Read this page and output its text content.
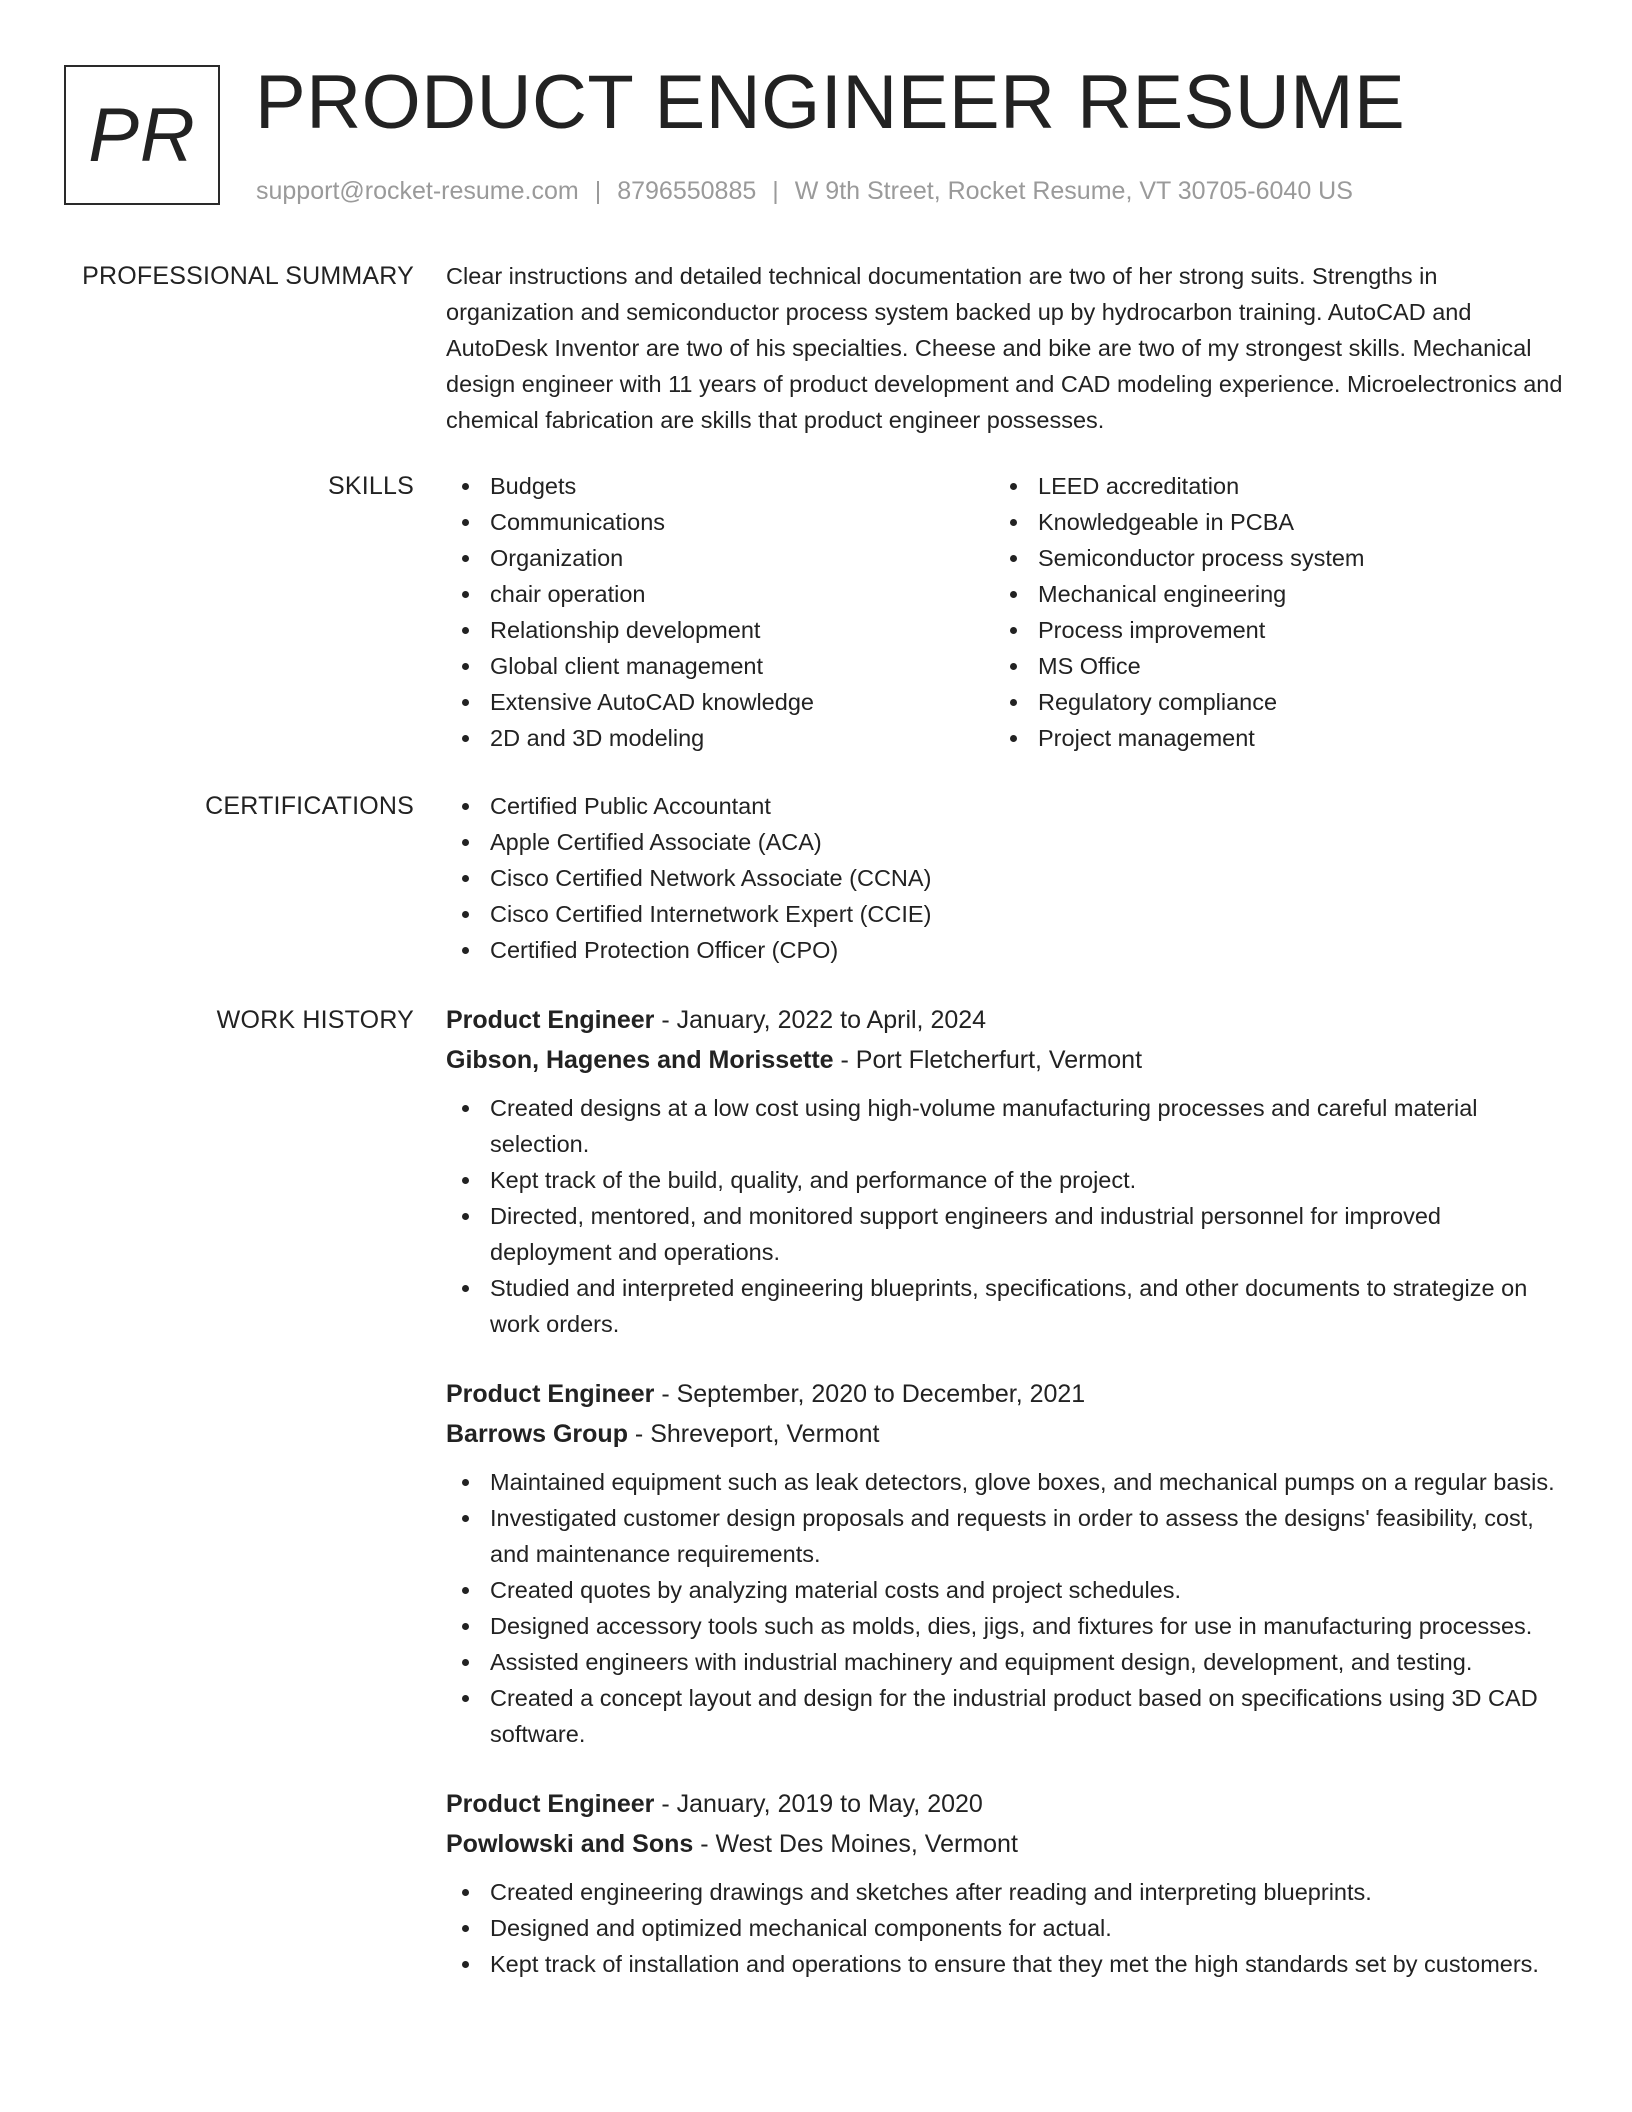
PR PRODUCT ENGINEER RESUME
support@rocket-resume.com | 8796550885 | W 9th Street, Rocket Resume, VT 30705-6040 US
PROFESSIONAL SUMMARY Clear instructions and detailed technical documentation are two of her strong suits. Strengths in organization and semiconductor process system backed up by hydrocarbon training. AutoCAD and AutoDesk Inventor are two of his specialties. Cheese and bike are two of my strongest skills. Mechanical design engineer with 11 years of product development and CAD modeling experience. Microelectronics and chemical fabrication are skills that product engineer possesses.

SKILLS	Budgets
Communications
Organization
chair operation
Relationship development
Global client management
Extensive AutoCAD knowledge
2D and 3D modeling
LEED accreditation
Knowledgeable in PCBA
Semiconductor process system
Mechanical engineering
Process improvement
MS Office
Regulatory compliance
Project management
CERTIFICATIONS	Certified Public Accountant
Apple Certified Associate (ACA)
Cisco Certified Network Associate (CCNA)
Cisco Certified Internetwork Expert (CCIE)
Certified Protection Officer (CPO)
WORK HISTORY Product Engineer - January, 2022 to April, 2024
Gibson, Hagenes and Morissette - Port Fletcherfurt, Vermont
Created designs at a low cost using high-volume manufacturing processes and careful material selection.
Kept track of the build, quality, and performance of the project.
Directed, mentored, and monitored support engineers and industrial personnel for improved deployment and operations.
Studied and interpreted engineering blueprints, specifications, and other documents to strategize on work orders.
Product Engineer - September, 2020 to December, 2021
Barrows Group - Shreveport, Vermont
Maintained equipment such as leak detectors, glove boxes, and mechanical pumps on a regular basis.
Investigated customer design proposals and requests in order to assess the designs' feasibility, cost, and maintenance requirements.
Created quotes by analyzing material costs and project schedules.
Designed accessory tools such as molds, dies, jigs, and fixtures for use in manufacturing processes.
Assisted engineers with industrial machinery and equipment design, development, and testing.
Created a concept layout and design for the industrial product based on specifications using 3D CAD software.
Product Engineer - January, 2019 to May, 2020
Powlowski and Sons - West Des Moines, Vermont
Created engineering drawings and sketches after reading and interpreting blueprints.
Designed and optimized mechanical components for actual.
Kept track of installation and operations to ensure that they met the high standards set by customers.
